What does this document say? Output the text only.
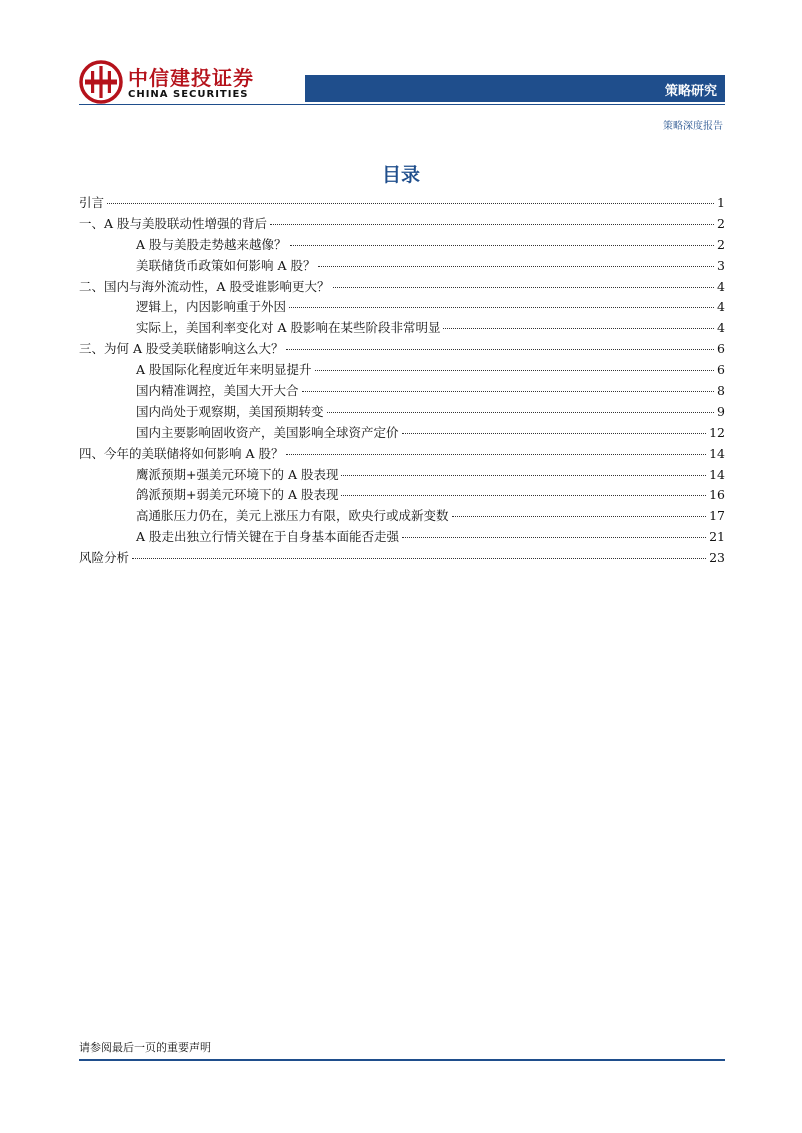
中信建投证券
CHINA SECURITIES	策略研究
策略深度报告
目录
引言	1
一、A 股与美股联动性增强的背后	2
A 股与美股走势越来越像？	2
美联储货币政策如何影响 A 股？	3
二、国内与海外流动性，A 股受谁影响更大？	4
逻辑上，内因影响重于外因	4
实际上，美国利率变化对 A 股影响在某些阶段非常明显	4
三、为何 A 股受美联储影响这么大？	6
A 股国际化程度近年来明显提升	6
国内精准调控，美国大开大合	8
国内尚处于观察期，美国预期转变	9
国内主要影响固收资产，美国影响全球资产定价	12
四、今年的美联储将如何影响 A 股？	14
鹰派预期+强美元环境下的 A 股表现	14
鸽派预期+弱美元环境下的 A 股表现	16
高通胀压力仍在，美元上涨压力有限，欧央行或成新变数	17
A 股走出独立行情关键在于自身基本面能否走强	21
风险分析	23
请参阅最后一页的重要声明
